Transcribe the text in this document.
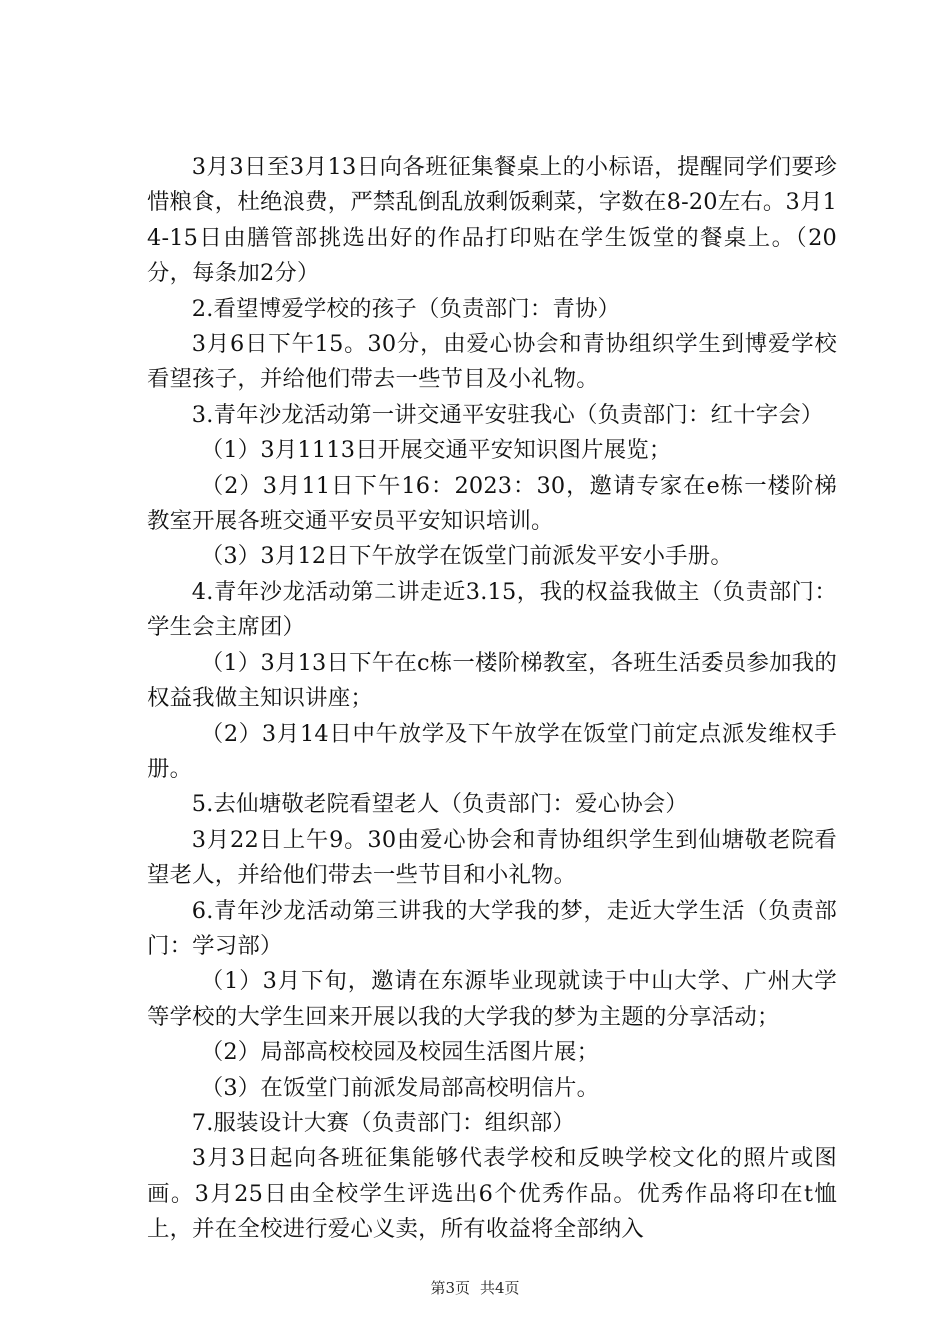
3月3日至3月13日向各班征集餐桌上的小标语，提醒同学们要珍惜粮食，杜绝浪费，严禁乱倒乱放剩饭剩菜，字数在8-20左右。3月14-15日由膳管部挑选出好的作品打印贴在学生饭堂的餐桌上。（20分，每条加2分）

2.看望博爱学校的孩子（负责部门：青协）

3月6日下午15。30分，由爱心协会和青协组织学生到博爱学校看望孩子，并给他们带去一些节目及小礼物。

3.青年沙龙活动第一讲交通平安驻我心（负责部门：红十字会）

（1）3月1113日开展交通平安知识图片展览；

（2）3月11日下午16：2023：30，邀请专家在e栋一楼阶梯教室开展各班交通平安员平安知识培训。

（3）3月12日下午放学在饭堂门前派发平安小手册。

4.青年沙龙活动第二讲走近3.15，我的权益我做主（负责部门：学生会主席团）

（1）3月13日下午在c栋一楼阶梯教室，各班生活委员参加我的权益我做主知识讲座；

（2）3月14日中午放学及下午放学在饭堂门前定点派发维权手册。

5.去仙塘敬老院看望老人（负责部门：爱心协会）

3月22日上午9。30由爱心协会和青协组织学生到仙塘敬老院看望老人，并给他们带去一些节目和小礼物。

6.青年沙龙活动第三讲我的大学我的梦，走近大学生活（负责部门：学习部）

（1）3月下旬，邀请在东源毕业现就读于中山大学、广州大学等学校的大学生回来开展以我的大学我的梦为主题的分享活动；

（2）局部高校校园及校园生活图片展；

（3）在饭堂门前派发局部高校明信片。

7.服装设计大赛（负责部门：组织部）

3月3日起向各班征集能够代表学校和反映学校文化的照片或图画。3月25日由全校学生评选出6个优秀作品。优秀作品将印在t恤上，并在全校进行爱心义卖，所有收益将全部纳入

第3页 共4页
